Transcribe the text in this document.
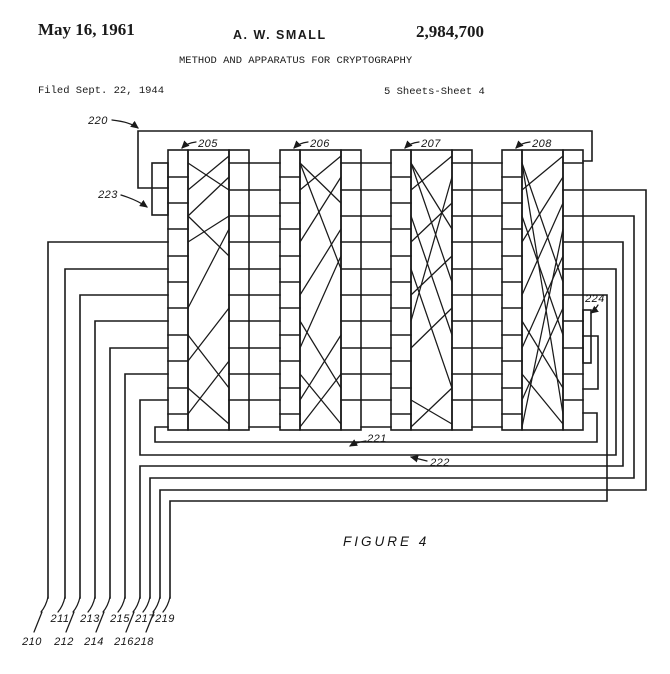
May 16, 1961	A. W. SMALL	2,984,700
METHOD AND APPARATUS FOR CRYPTOGRAPHY
Filed Sept. 22, 1944	5 Sheets-Sheet 4
205	206	207	208
210
211
212
213
214
215
216
217
218
219
220
223
224
221
222
FIGURE 4
